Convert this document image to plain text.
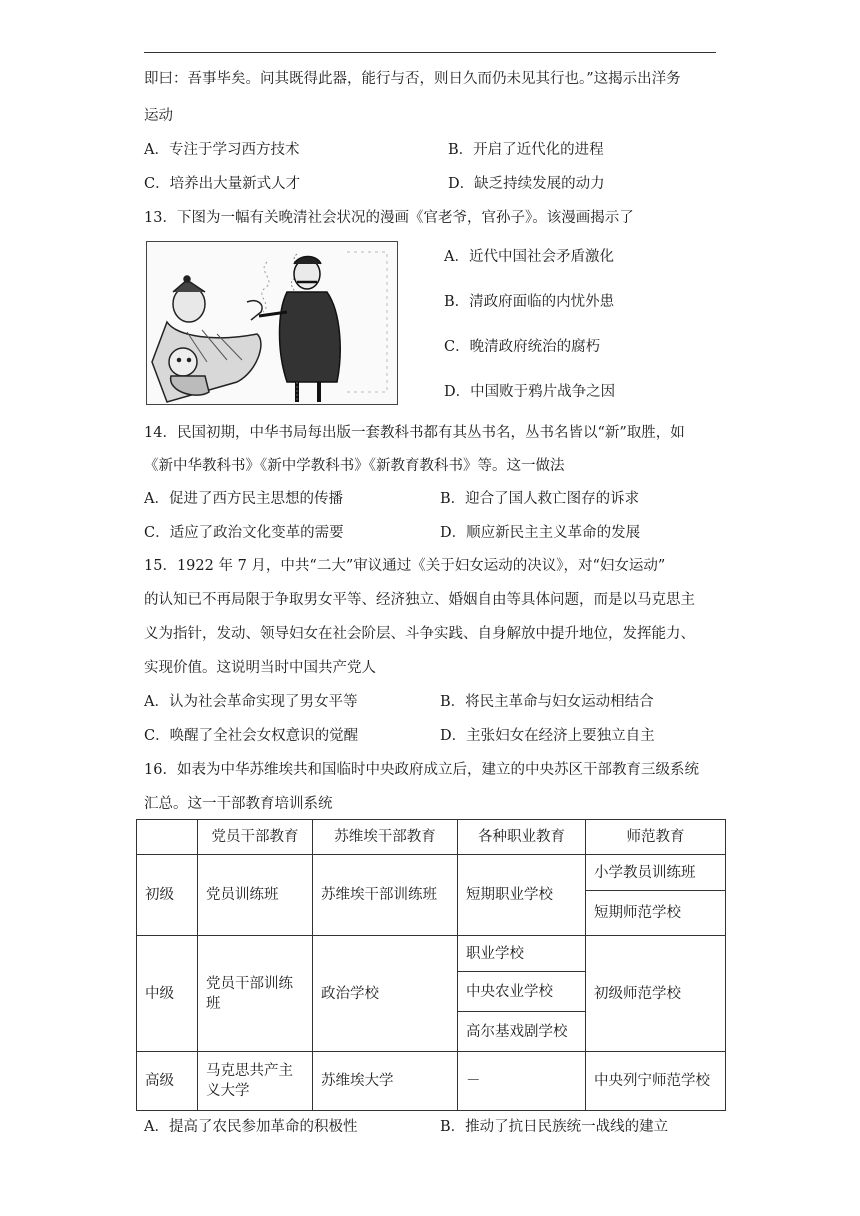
即曰：吾事毕矣。问其既得此器，能行与否，则日久而仍未见其行也。”这揭示出洋务
运动
A．专注于学习西方技术	B．开启了近代化的进程
C．培养出大量新式人才	D．缺乏持续发展的动力
13．下图为一幅有关晚清社会状况的漫画《官老爷，官孙子》。该漫画揭示了
A．近代中国社会矛盾激化
B．清政府面临的内忧外患
C．晚清政府统治的腐朽
D．中国败于鸦片战争之因
14．民国初期，中华书局每出版一套教科书都有其丛书名，丛书名皆以“新”取胜，如
《新中华教科书》《新中学教科书》《新教育教科书》等。这一做法
A．促进了西方民主思想的传播	B．迎合了国人救亡图存的诉求
C．适应了政治文化变革的需要	D．顺应新民主主义革命的发展
15．1922 年 7 月，中共“二大”审议通过《关于妇女运动的决议》，对“妇女运动”
的认知已不再局限于争取男女平等、经济独立、婚姻自由等具体问题，而是以马克思主
义为指针，发动、领导妇女在社会阶层、斗争实践、自身解放中提升地位，发挥能力、
实现价值。这说明当时中国共产党人
A．认为社会革命实现了男女平等	B．将民主革命与妇女运动相结合
C．唤醒了全社会女权意识的觉醒	D．主张妇女在经济上要独立自主
16．如表为中华苏维埃共和国临时中央政府成立后，建立的中央苏区干部教育三级系统
汇总。这一干部教育培训系统
	党员干部教育	苏维埃干部教育	各种职业教育	师范教育
初级	党员训练班	苏维埃干部训练班	短期职业学校	小学教员训练班
				短期师范学校
中级	党员干部训练班	政治学校	职业学校	初级师范学校
			中央农业学校	
			高尔基戏剧学校	
高级	马克思共产主义大学	苏维埃大学	－	中央列宁师范学校
A．提高了农民参加革命的积极性	B．推动了抗日民族统一战线的建立
